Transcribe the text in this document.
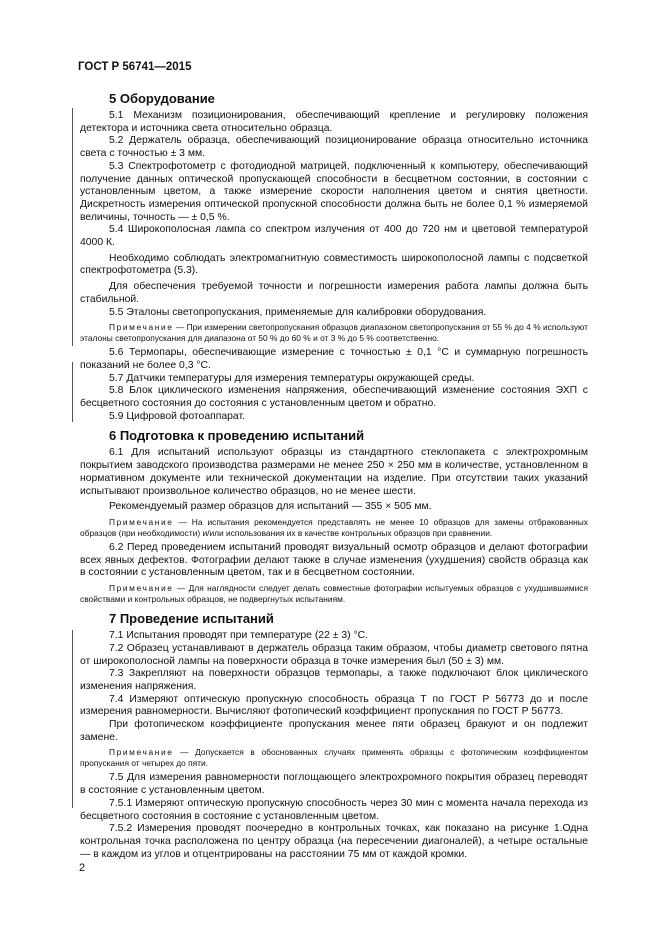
ГОСТ Р 56741—2015
5 Оборудование
5.1 Механизм позиционирования, обеспечивающий крепление и регулировку положения детектора и источника света относительно образца.
5.2 Держатель образца, обеспечивающий позиционирование образца относительно источника света с точностью ± 3 мм.
5.3 Спектрофотометр с фотодиодной матрицей, подключенный к компьютеру, обеспечивающий получение данных оптической пропускающей способности в бесцветном состоянии, в состоянии с установленным цветом, а также измерение скорости наполнения цветом и снятия цветности. Дискретность измерения оптической пропускной способности должна быть не более 0,1 % измеряемой величины, точность — ± 0,5 %.
5.4 Широкополосная лампа со спектром излучения от 400 до 720 нм и цветовой температурой 4000 К.
Необходимо соблюдать электромагнитную совместимость широкополосной лампы с подсветкой спектрофотометра (5.3).
Для обеспечения требуемой точности и погрешности измерения работа лампы должна быть стабильной.
5.5 Эталоны светопропускания, применяемые для калибровки оборудования.
Примечание — При измерении светопропускания образцов диапазоном светопропускания от 55 % до 4 % используют эталоны светопропускания для диапазона от 50 % до 60 % и от 3 % до 5 % соответственно.
5.6 Термопары, обеспечивающие измерение с точностью ± 0,1 °С и суммарную погрешность показаний не более 0,3 °С.
5.7 Датчики температуры для измерения температуры окружающей среды.
5.8 Блок циклического изменения напряжения, обеспечивающий изменение состояния ЭХП с бесцветного состояния до состояния с установленным цветом и обратно.
5.9 Цифровой фотоаппарат.
6 Подготовка к проведению испытаний
6.1 Для испытаний используют образцы из стандартного стеклопакета с электрохромным покрытием заводского производства размерами не менее 250 × 250 мм в количестве, установленном в нормативном документе или технической документации на изделие. При отсутствии таких указаний испытывают произвольное количество образцов, но не менее шести.
Рекомендуемый размер образцов для испытаний — 355 × 505 мм.
Примечание — На испытания рекомендуется представлять не менее 10 образцов для замены отбракованных образцов (при необходимости) и/или использования их в качестве контрольных образцов при сравнении.
6.2 Перед проведением испытаний проводят визуальный осмотр образцов и делают фотографии всех явных дефектов. Фотографии делают также в случае изменения (ухудшения) свойств образца как в состоянии с установленным цветом, так и в бесцветном состоянии.
Примечание — Для наглядности следует делать совместные фотографии испытуемых образцов с ухудшившимися свойствами и контрольных образцов, не подвергнутых испытаниям.
7 Проведение испытаний
7.1 Испытания проводят при температуре (22 ± 3) °С.
7.2 Образец устанавливают в держатель образца таким образом, чтобы диаметр светового пятна от широкополосной лампы на поверхности образца в точке измерения был (50 ± 3) мм.
7.3 Закрепляют на поверхности образцов термопары, а также подключают блок циклического изменения напряжения.
7.4 Измеряют оптическую пропускную способность образца Т по ГОСТ Р 56773 до и после измерения равномерности. Вычисляют фотопический коэффициент пропускания по ГОСТ Р 56773.
При фотопическом коэффициенте пропускания менее пяти образец бракуют и он подлежит замене.
Примечание — Допускается в обоснованных случаях применять образцы с фотопическим коэффициентом пропускания от четырех до пяти.
7.5 Для измерения равномерности поглощающего электрохромного покрытия образец переводят в состояние с установленным цветом.
7.5.1 Измеряют оптическую пропускную способность через 30 мин с момента начала перехода из бесцветного состояния в состояние с установленным цветом.
7.5.2 Измерения проводят поочередно в контрольных точках, как показано на рисунке 1.Одна контрольная точка расположена по центру образца (на пересечении диагоналей), а четыре остальные — в каждом из углов и отцентрированы на расстоянии 75 мм от каждой кромки.
2
